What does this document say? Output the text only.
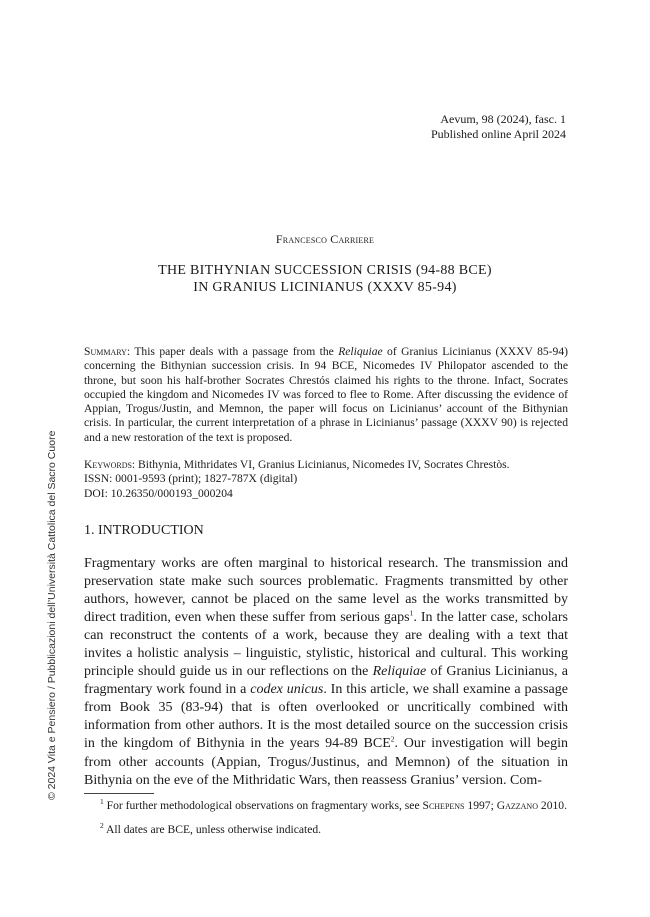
Aevum, 98 (2024), fasc. 1
Published online April 2024
Francesco Carriere
THE BITHYNIAN SUCCESSION CRISIS (94-88 BCE)
IN GRANIUS LICINIANUS (XXXV 85-94)
Summary: This paper deals with a passage from the Reliquiae of Granius Licinianus (XXXV 85-94) concerning the Bithynian succession crisis. In 94 BCE, Nicomedes IV Philopator ascended to the throne, but soon his half-brother Socrates Chrestós claimed his rights to the throne. Infact, Socrates occupied the kingdom and Nicomedes IV was forced to flee to Rome. After discussing the evidence of Appian, Trogus/Justin, and Memnon, the paper will focus on Licinianus’ account of the Bithynian crisis. In particular, the current interpretation of a phrase in Licinianus’ passage (XXXV 90) is rejected and a new restoration of the text is proposed.
Keywords: Bithynia, Mithridates VI, Granius Licinianus, Nicomedes IV, Socrates Chrestòs.
ISSN: 0001-9593 (print); 1827-787X (digital)
DOI: 10.26350/000193_000204
1. INTRODUCTION
Fragmentary works are often marginal to historical research. The transmission and preservation state make such sources problematic. Fragments transmitted by other authors, however, cannot be placed on the same level as the works transmitted by direct tradition, even when these suffer from serious gaps$^1$. In the latter case, scholars can reconstruct the contents of a work, because they are dealing with a text that invites a holistic analysis – linguistic, stylistic, historical and cultural. This working principle should guide us in our reflections on the Reliquiae of Granius Licinianus, a fragmentary work found in a codex unicus. In this article, we shall examine a passage from Book 35 (83-94) that is often overlooked or uncritically combined with information from other authors. It is the most detailed source on the succession crisis in the kingdom of Bithynia in the years 94-89 BCE$^2$. Our investigation will begin from other accounts (Appian, Trogus/Justinus, and Memnon) of the situation in Bithynia on the eve of the Mithridatic Wars, then reassess Granius’ version. Com-
$^1$ For further methodological observations on fragmentary works, see Schepens 1997; Gazzano 2010.
$^2$ All dates are BCE, unless otherwise indicated.
© 2024 Vita e Pensiero / Pubblicazioni dell’Università Cattolica del Sacro Cuore
